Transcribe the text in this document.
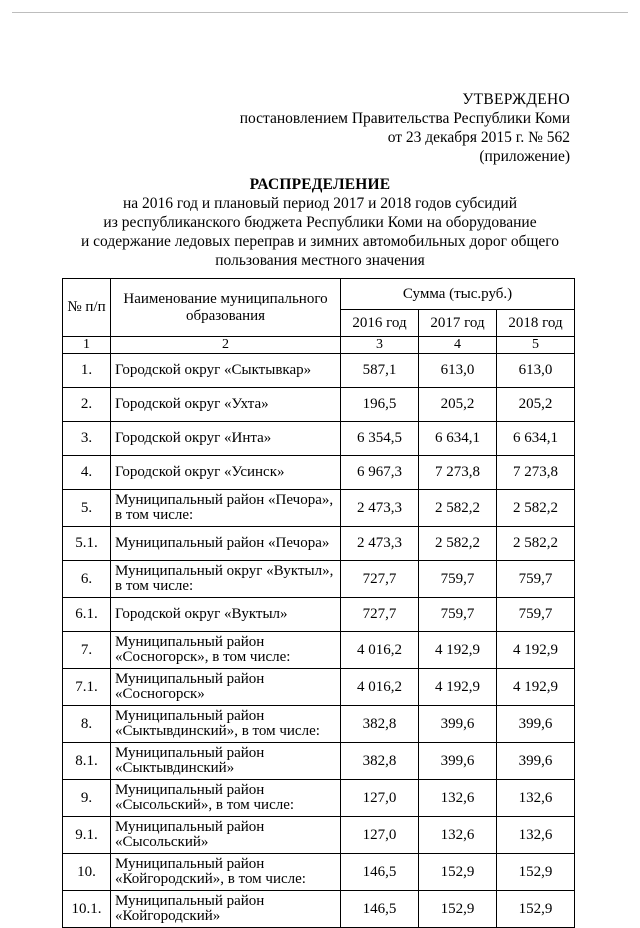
УТВЕРЖДЕНО
постановлением Правительства Республики Коми
от 23 декабря 2015 г. № 562
(приложение)
РАСПРЕДЕЛЕНИЕ
на 2016 год и плановый период 2017 и 2018 годов субсидий
из республиканского бюджета Республики Коми на оборудование
и содержание ледовых переправ и зимних автомобильных дорог общего
пользования местного значения
№ п/п	Наименование муниципального образования	Сумма (тыс.руб.)		
		2016 год	2017 год	2018 год
1	2	3	4	5
1.	Городской округ «Сыктывкар»	587,1	613,0	613,0
2.	Городской округ «Ухта»	196,5	205,2	205,2
3.	Городской округ «Инта»	6 354,5	6 634,1	6 634,1
4.	Городской округ «Усинск»	6 967,3	7 273,8	7 273,8
5.	Муниципальный район «Печора», в том числе:	2 473,3	2 582,2	2 582,2
5.1.	Муниципальный район «Печора»	2 473,3	2 582,2	2 582,2
6.	Муниципальный округ «Вуктыл», в том числе:	727,7	759,7	759,7
6.1.	Городской округ «Вуктыл»	727,7	759,7	759,7
7.	Муниципальный район «Сосногорск», в том числе:	4 016,2	4 192,9	4 192,9
7.1.	Муниципальный район «Сосногорск»	4 016,2	4 192,9	4 192,9
8.	Муниципальный район «Сыктывдинский», в том числе:	382,8	399,6	399,6
8.1.	Муниципальный район «Сыктывдинский»	382,8	399,6	399,6
9.	Муниципальный район «Сысольский», в том числе:	127,0	132,6	132,6
9.1.	Муниципальный район «Сысольский»	127,0	132,6	132,6
10.	Муниципальный район «Койгородский», в том числе:	146,5	152,9	152,9
10.1.	Муниципальный район «Койгородский»	146,5	152,9	152,9
